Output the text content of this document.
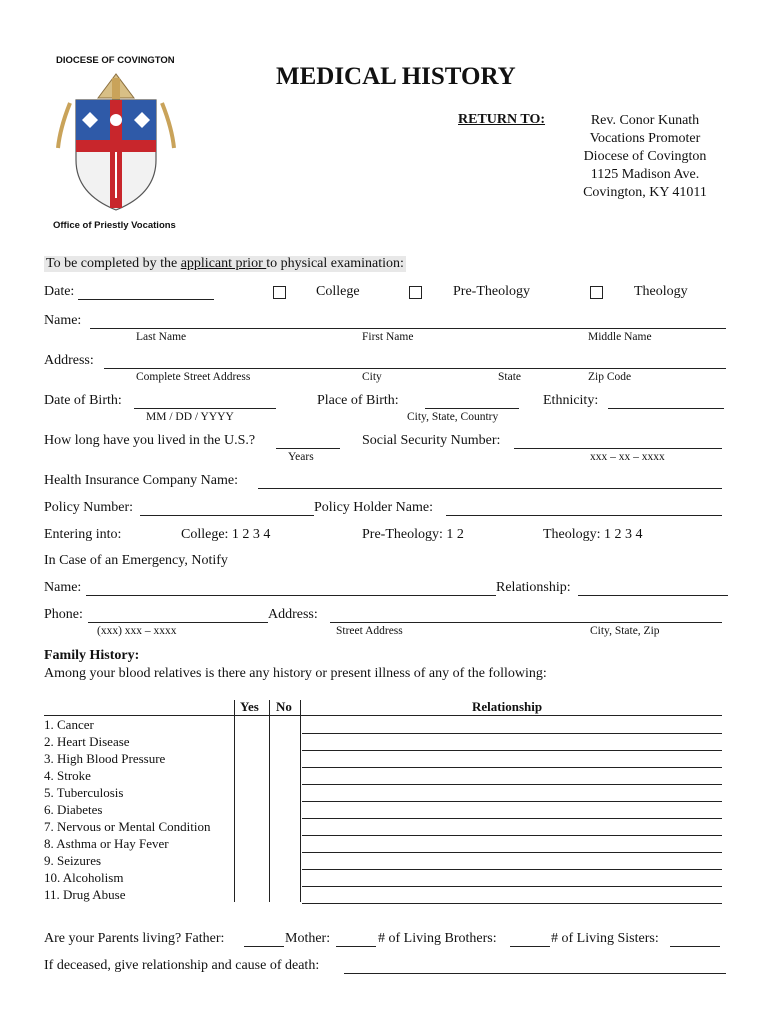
DIOCESE OF COVINGTON
Office of Priestly Vocations
MEDICAL HISTORY
RETURN TO:	Rev. Conor Kunath
Vocations Promoter
Diocese of Covington
1125 Madison Ave.
Covington, KY 41011
To be completed by the applicant prior to physical examination:
Date:	College	Pre-Theology	Theology
Name:
Last Name	First Name	Middle Name
Address:
Complete Street Address	City	State	Zip Code
Date of Birth:
MM / DD / YYYY
Place of Birth:
City, State, Country
Ethnicity:
How long have you lived in the U.S.?
Years
Social Security Number:
xxx – xx – xxxx
Health Insurance Company Name:
Policy Number:	Policy Holder Name:
Entering into:	College: 1 2 3 4	Pre-Theology: 1 2	Theology: 1 2 3 4
In Case of an Emergency, Notify
Name:	Relationship:
Phone:	Address:
(xxx) xxx – xxxx	Street Address	City, State, Zip
Family History:
Among your blood relatives is there any history or present illness of any of the following:
Yes No	Relationship
1. Cancer
2. Heart Disease
3. High Blood Pressure
4. Stroke
5. Tuberculosis
6. Diabetes
7. Nervous or Mental Condition
8. Asthma or Hay Fever
9. Seizures
10. Alcoholism
11. Drug Abuse
Are your Parents living? Father:	Mother:	# of Living Brothers:	# of Living Sisters:
If deceased, give relationship and cause of death:
